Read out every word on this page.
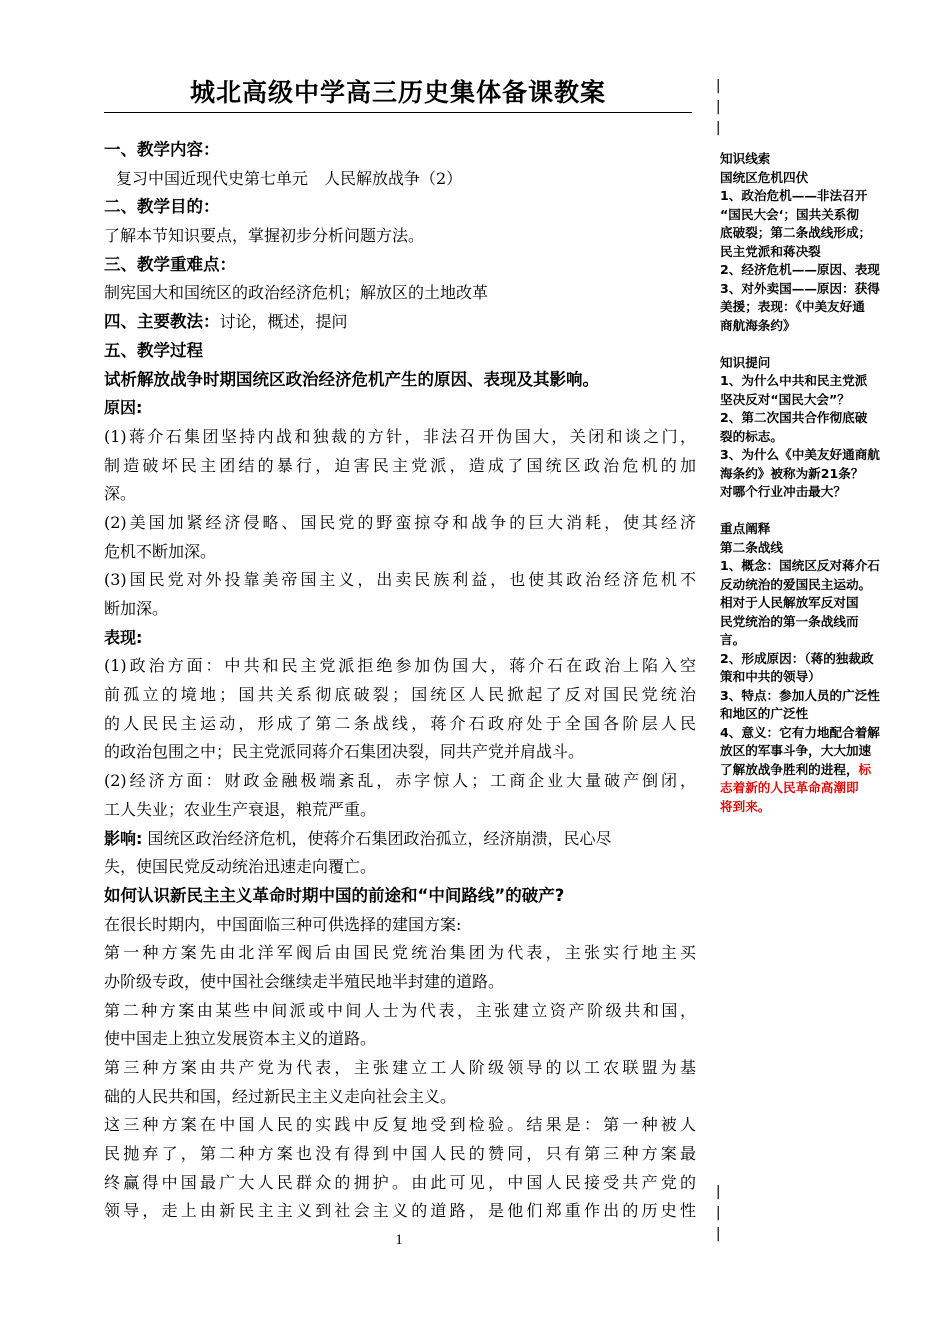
城北高级中学高三历史集体备课教案	|
|
|
|
|
|
一、教学内容：
复习中国近现代史第七单元　人民解放战争（2）
二、教学目的：
了解本节知识要点，掌握初步分析问题方法。
三、教学重难点：
制宪国大和国统区的政治经济危机；解放区的土地改革
四、主要教法：讨论，概述，提问
五、教学过程
试析解放战争时期国统区政治经济危机产生的原因、表现及其影响。
原因:
(1)蒋介石集团坚持内战和独裁的方针，非法召开伪国大，关闭和谈之门，
制造破坏民主团结的暴行，迫害民主党派，造成了国统区政治危机的加
深。
(2)美国加紧经济侵略、国民党的野蛮掠夺和战争的巨大消耗，使其经济
危机不断加深。
(3)国民党对外投靠美帝国主义，出卖民族利益，也使其政治经济危机不
断加深。
表现:
(1)政治方面：中共和民主党派拒绝参加伪国大，蒋介石在政治上陷入空
前孤立的境地；国共关系彻底破裂；国统区人民掀起了反对国民党统治
的人民民主运动，形成了第二条战线，蒋介石政府处于全国各阶层人民
的政治包围之中；民主党派同蒋介石集团决裂，同共产党并肩战斗。
(2)经济方面：财政金融极端紊乱，赤字惊人；工商企业大量破产倒闭，
工人失业；农业生产衰退，粮荒严重。
影响: 国统区政治经济危机，使蒋介石集团政治孤立，经济崩溃，民心尽
失，使国民党反动统治迅速走向覆亡。
如何认识新民主主义革命时期中国的前途和“中间路线”的破产?
在很长时期内，中国面临三种可供选择的建国方案:
第一种方案先由北洋军阀后由国民党统治集团为代表，主张实行地主买
办阶级专政，使中国社会继续走半殖民地半封建的道路。
第二种方案由某些中间派或中间人士为代表，主张建立资产阶级共和国，
使中国走上独立发展资本主义的道路。
第三种方案由共产党为代表，主张建立工人阶级领导的以工农联盟为基
础的人民共和国，经过新民主主义走向社会主义。
这三种方案在中国人民的实践中反复地受到检验。结果是：第一种被人
民抛弃了，第二种方案也没有得到中国人民的赞同，只有第三种方案最
终赢得中国最广大人民群众的拥护。由此可见，中国人民接受共产党的
领导，走上由新民主主义到社会主义的道路，是他们郑重作出的历史性
知识线索
国统区危机四伏
1、政治危机——非法召开
“国民大会‘；国共关系彻
底破裂；第二条战线形成；
民主党派和蒋决裂
2、经济危机——原因、表现
3、对外卖国——原因：获得
美援；表现：《中美友好通
商航海条约》
知识提问
1、为什么中共和民主党派
坚决反对“国民大会”？
2、第二次国共合作彻底破
裂的标志。
3、为什么《中美友好通商航
海条约》被称为新21条？
对哪个行业冲击最大？
重点阐释
第二条战线
1、概念：国统区反对蒋介石
反动统治的爱国民主运动。
相对于人民解放军反对国
民党统治的第一条战线而
言。
2、形成原因：（蒋的独裁政
策和中共的领导）
3、特点：参加人员的广泛性
和地区的广泛性
4、意义：它有力地配合着解
放区的军事斗争，大大加速
了解放战争胜利的进程，标
志着新的人民革命高潮即
将到来。
1
